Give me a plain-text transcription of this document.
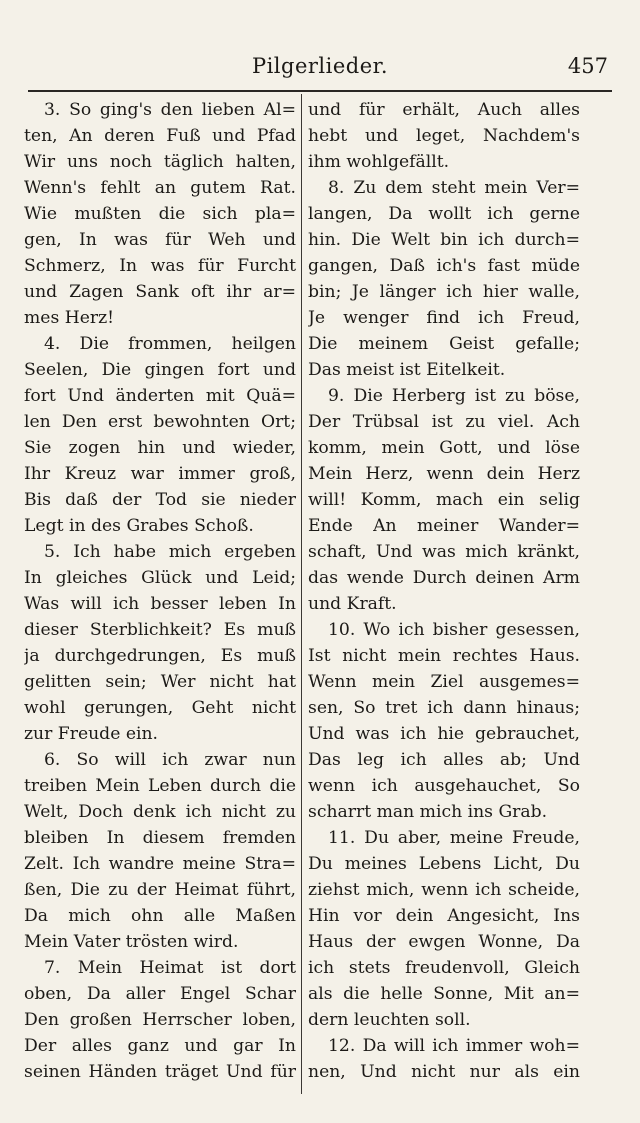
Pilgerlieder.	457
3. So ging's den lieben Al=
ten, An deren Fuß und Pfad
Wir uns noch täglich halten,
Wenn's fehlt an gutem Rat.
Wie mußten die sich pla=
gen, In was für Weh und
Schmerz, In was für Furcht
und Zagen Sank oft ihr ar=
mes Herz!
4. Die frommen, heilgen
Seelen, Die gingen fort und
fort Und änderten mit Quä=
len Den erst bewohnten Ort;
Sie zogen hin und wieder,
Ihr Kreuz war immer groß,
Bis daß der Tod sie nieder
Legt in des Grabes Schoß.
5. Ich habe mich ergeben
In gleiches Glück und Leid;
Was will ich besser leben In
dieser Sterblichkeit? Es muß
ja durchgedrungen, Es muß
gelitten sein; Wer nicht hat
wohl gerungen, Geht nicht
zur Freude ein.
6. So will ich zwar nun
treiben Mein Leben durch die
Welt, Doch denk ich nicht zu
bleiben In diesem fremden
Zelt. Ich wandre meine Stra=
ßen, Die zu der Heimat führt,
Da mich ohn alle Maßen
Mein Vater trösten wird.
7. Mein Heimat ist dort
oben, Da aller Engel Schar
Den großen Herrscher loben,
Der alles ganz und gar In
seinen Händen träget Und für
und für erhält, Auch alles
hebt und leget, Nachdem's
ihm wohlgefällt.
8. Zu dem steht mein Ver=
langen, Da wollt ich gerne
hin. Die Welt bin ich durch=
gangen, Daß ich's fast müde
bin; Je länger ich hier walle,
Je wenger find ich Freud,
Die meinem Geist gefalle;
Das meist ist Eitelkeit.
9. Die Herberg ist zu böse,
Der Trübsal ist zu viel. Ach
komm, mein Gott, und löse
Mein Herz, wenn dein Herz
will! Komm, mach ein selig
Ende An meiner Wander=
schaft, Und was mich kränkt,
das wende Durch deinen Arm
und Kraft.
10. Wo ich bisher gesessen,
Ist nicht mein rechtes Haus.
Wenn mein Ziel ausgemes=
sen, So tret ich dann hinaus;
Und was ich hie gebrauchet,
Das leg ich alles ab; Und
wenn ich ausgehauchet, So
scharrt man mich ins Grab.
11. Du aber, meine Freude,
Du meines Lebens Licht, Du
ziehst mich, wenn ich scheide,
Hin vor dein Angesicht, Ins
Haus der ewgen Wonne, Da
ich stets freudenvoll, Gleich
als die helle Sonne, Mit an=
dern leuchten soll.
12. Da will ich immer woh=
nen, Und nicht nur als ein
